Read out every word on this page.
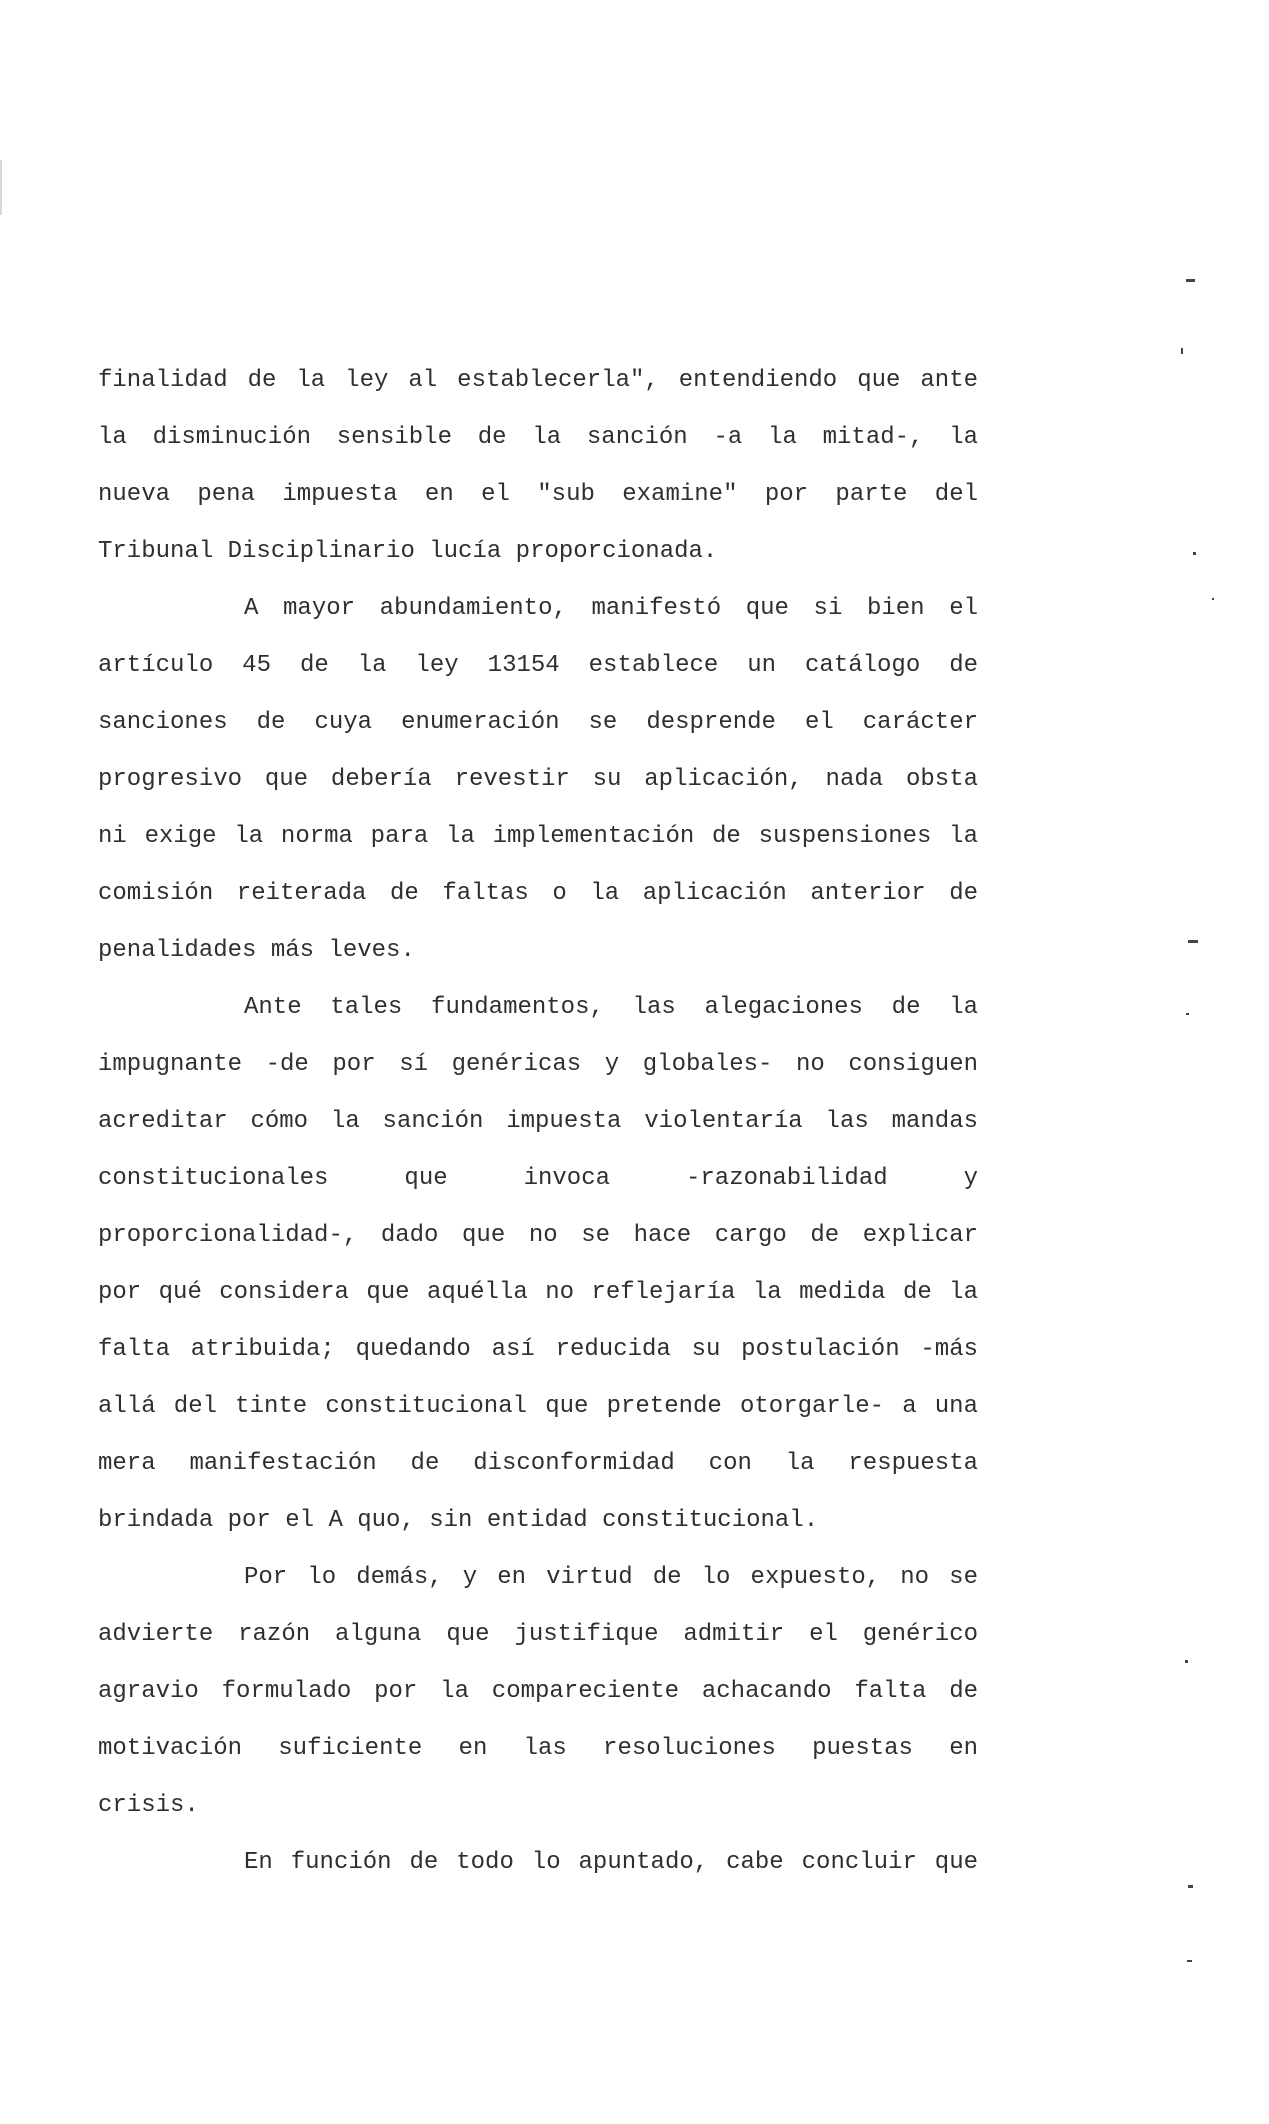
finalidad de la ley al establecerla", entendiendo que ante
la disminución sensible de la sanción -a la mitad-, la
nueva pena impuesta en el "sub examine" por parte del
Tribunal Disciplinario lucía proporcionada.
A mayor abundamiento, manifestó que si bien el
artículo 45 de la ley 13154 establece un catálogo de
sanciones de cuya enumeración se desprende el carácter
progresivo que debería revestir su aplicación, nada obsta
ni exige la norma para la implementación de suspensiones la
comisión reiterada de faltas o la aplicación anterior de
penalidades más leves.
Ante tales fundamentos, las alegaciones de la
impugnante -de por sí genéricas y globales- no consiguen
acreditar cómo la sanción impuesta violentaría las mandas
constitucionales que invoca -razonabilidad y
proporcionalidad-, dado que no se hace cargo de explicar
por qué considera que aquélla no reflejaría la medida de la
falta atribuida; quedando así reducida su postulación -más
allá del tinte constitucional que pretende otorgarle- a una
mera manifestación de disconformidad con la respuesta
brindada por el A quo, sin entidad constitucional.
Por lo demás, y en virtud de lo expuesto, no se
advierte razón alguna que justifique admitir el genérico
agravio formulado por la compareciente achacando falta de
motivación suficiente en las resoluciones puestas en
crisis.
En función de todo lo apuntado, cabe concluir que
